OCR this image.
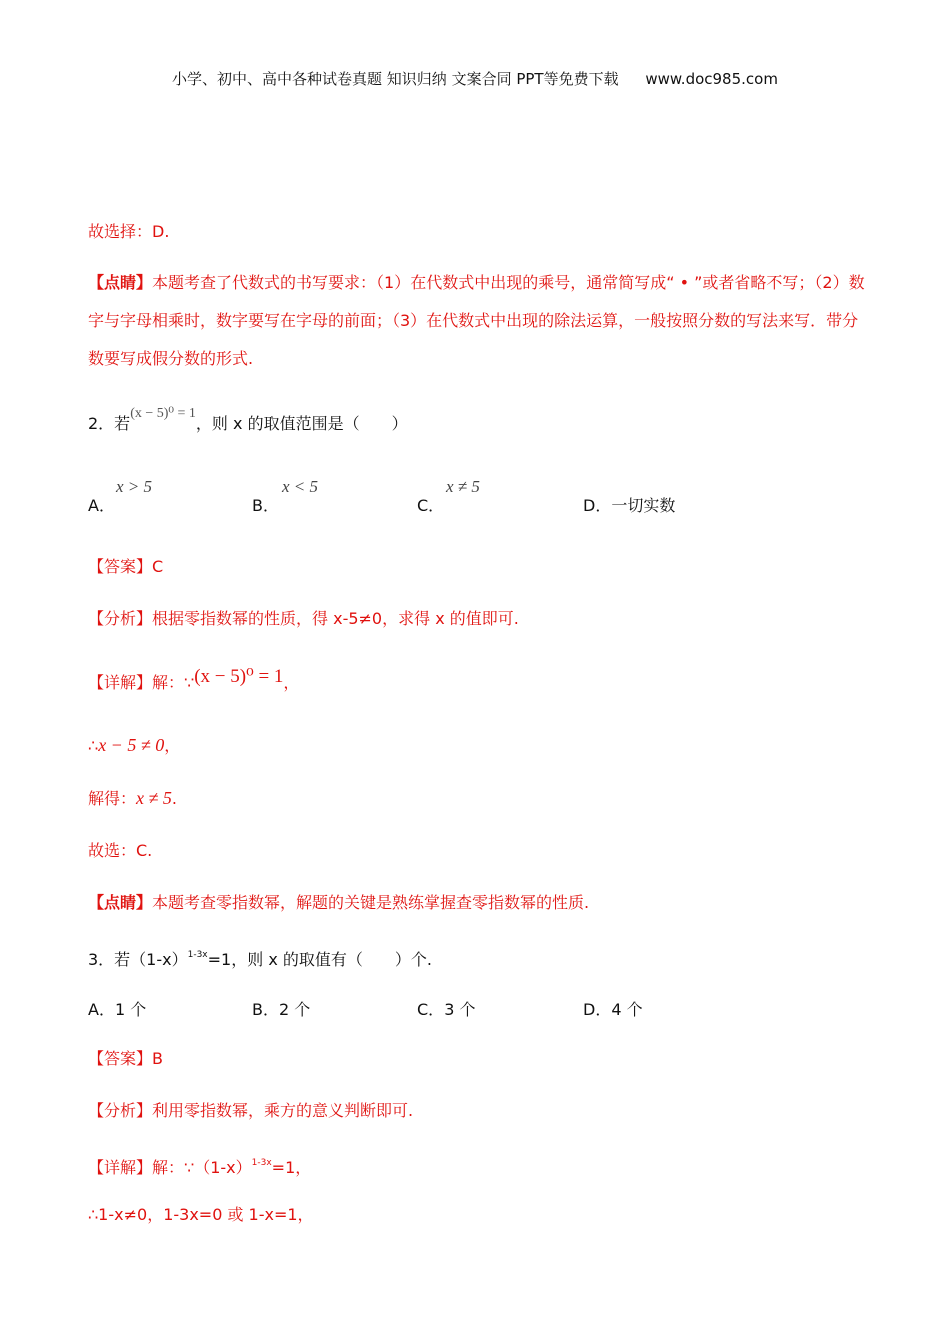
小学、初中、高中各种试卷真题 知识归纳 文案合同 PPT等免费下载 www.doc985.com
故选择：D.
【点睛】本题考查了代数式的书写要求：（1）在代数式中出现的乘号，通常简写成“ • ”或者省略不写；（2）数字与字母相乘时，数字要写在字母的前面；（3）在代数式中出现的除法运算，一般按照分数的写法来写．带分数要写成假分数的形式.
2．若(x − 5)⁰ = 1，则 x 的取值范围是（　　）
A．
x > 5
B．
x < 5
C．
x ≠ 5
D．一切实数
【答案】C
【分析】根据零指数幂的性质，得 x-5≠0，求得 x 的值即可.
【详解】解：∵(x − 5)⁰ = 1，
∴x − 5 ≠ 0，
解得：x ≠ 5.
故选：C.
【点睛】本题考查零指数幂，解题的关键是熟练掌握查零指数幂的性质.
3．若$(1-x)^{1-3x}=1$，则 x 的取值有（　　）个.
A．1 个	B．2 个	C．3 个	D．4 个
【答案】B
【分析】利用零指数幂，乘方的意义判断即可.
【详解】解：$\because(1-x)^{1-3x}=1$，
∴1-x≠0，1-3x=0 或 1-x=1，
